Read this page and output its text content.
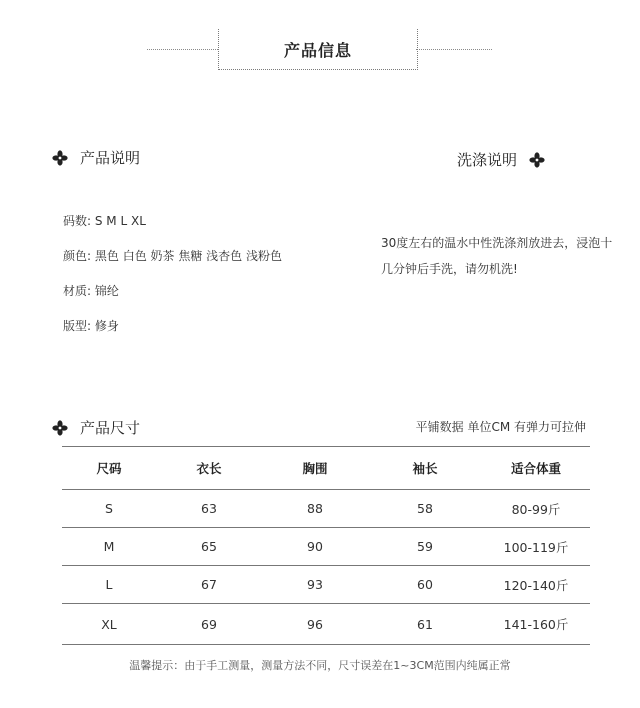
产品信息
产品说明	洗涤说明
码数: S M L XL
颜色: 黑色 白色 奶茶 焦糖 浅杏色 浅粉色
材质: 锦纶
版型: 修身
30度左右的温水中性洗涤剂放进去，浸泡十几分钟后手洗，请勿机洗!
产品尺寸	平铺数据 单位CM 有弹力可拉伸
尺码	衣长	胸围	袖长	适合体重
S	63	88	58	80-99斤
M	65	90	59	100-119斤
L	67	93	60	120-140斤
XL	69	96	61	141-160斤
温馨提示：由于手工测量，测量方法不同，尺寸误差在1~3CM范围内纯属正常
